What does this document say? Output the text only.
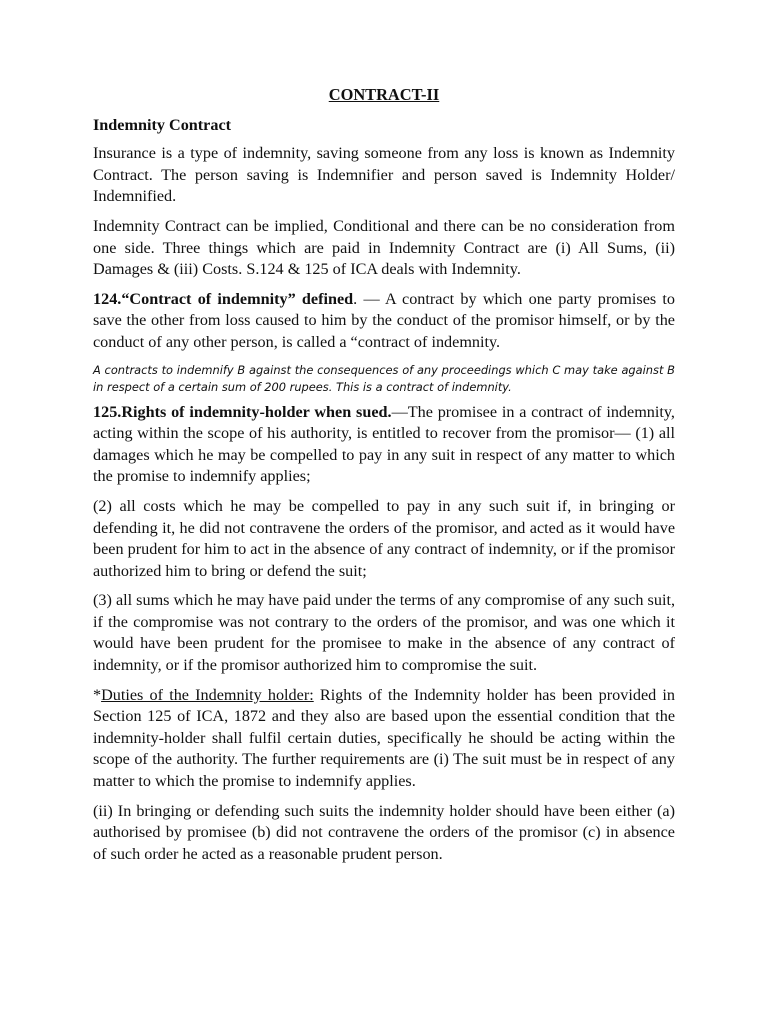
CONTRACT-II
Indemnity Contract

Insurance is a type of indemnity, saving someone from any loss is known as Indemnity Contract. The person saving is Indemnifier and person saved is Indemnity Holder/ Indemnified.

Indemnity Contract can be implied, Conditional and there can be no consideration from one side. Three things which are paid in Indemnity Contract are (i) All Sums, (ii) Damages & (iii) Costs. S.124 & 125 of ICA deals with Indemnity.

124.“Contract of indemnity” defined. — A contract by which one party promises to save the other from loss caused to him by the conduct of the promisor himself, or by the conduct of any other person, is called a “contract of indemnity.

A contracts to indemnify B against the consequences of any proceedings which C may take against B in respect of a certain sum of 200 rupees. This is a contract of indemnity.

125.Rights of indemnity-holder when sued.—The promisee in a contract of indemnity, acting within the scope of his authority, is entitled to recover from the promisor— (1) all damages which he may be compelled to pay in any suit in respect of any matter to which the promise to indemnify applies;

(2) all costs which he may be compelled to pay in any such suit if, in bringing or defending it, he did not contravene the orders of the promisor, and acted as it would have been prudent for him to act in the absence of any contract of indemnity, or if the promisor authorized him to bring or defend the suit;

(3) all sums which he may have paid under the terms of any compromise of any such suit, if the compromise was not contrary to the orders of the promisor, and was one which it would have been prudent for the promisee to make in the absence of any contract of indemnity, or if the promisor authorized him to compromise the suit.

*Duties of the Indemnity holder: Rights of the Indemnity holder has been provided in Section 125 of ICA, 1872 and they also are based upon the essential condition that the indemnity-holder shall fulfil certain duties, specifically he should be acting within the scope of the authority. The further requirements are (i) The suit must be in respect of any matter to which the promise to indemnify applies.

(ii) In bringing or defending such suits the indemnity holder should have been either (a) authorised by promisee (b) did not contravene the orders of the promisor (c) in absence of such order he acted as a reasonable prudent person.
